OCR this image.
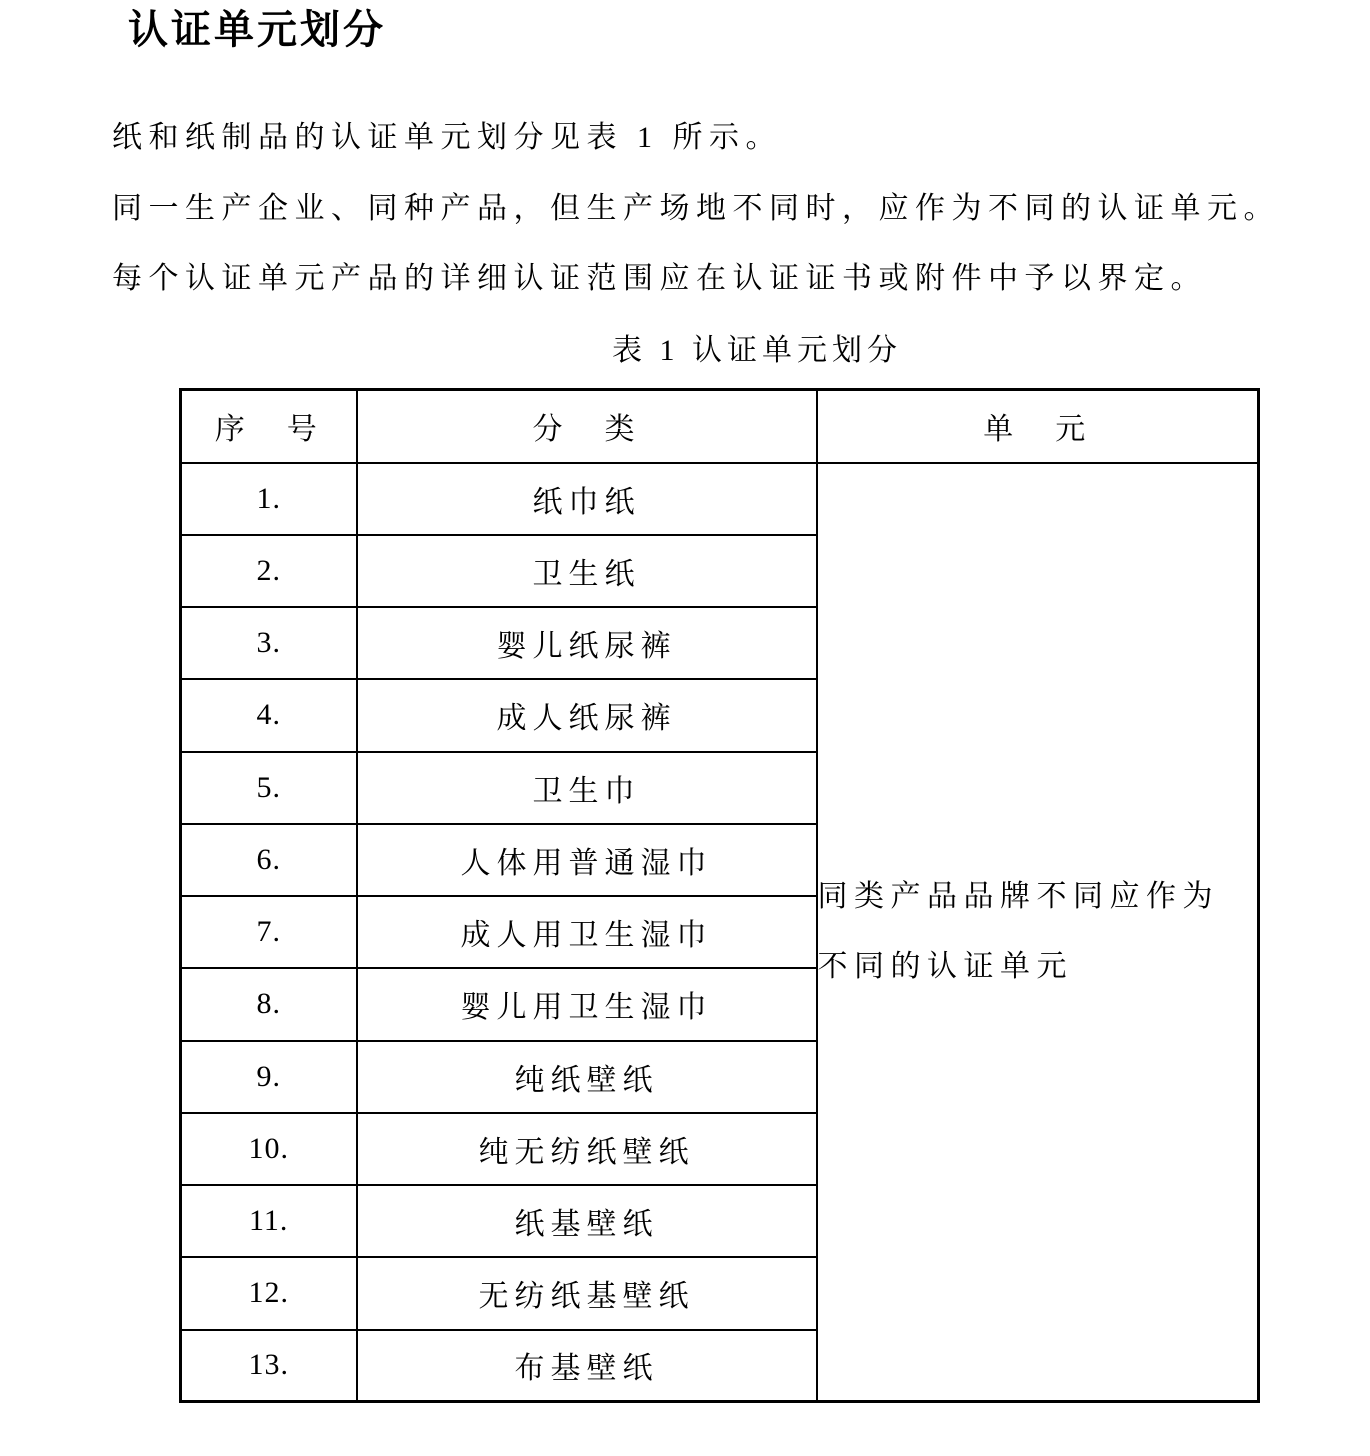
认证单元划分

纸和纸制品的认证单元划分见表 1 所示。

同一生产企业、同种产品，但生产场地不同时，应作为不同的认证单元。

每个认证单元产品的详细认证范围应在认证证书或附件中予以界定。

表 1 认证单元划分

序　号	分　类	单　元
1.	纸巾纸	同类产品品牌不同应作为
不同的认证单元

2.	卫生纸	
3.	婴儿纸尿裤	
4.	成人纸尿裤	
5.	卫生巾	
6.	人体用普通湿巾	
7.	成人用卫生湿巾	
8.	婴儿用卫生湿巾	
9.	纯纸壁纸	
10.	纯无纺纸壁纸	
11.	纸基壁纸	
12.	无纺纸基壁纸	
13.	布基壁纸	
